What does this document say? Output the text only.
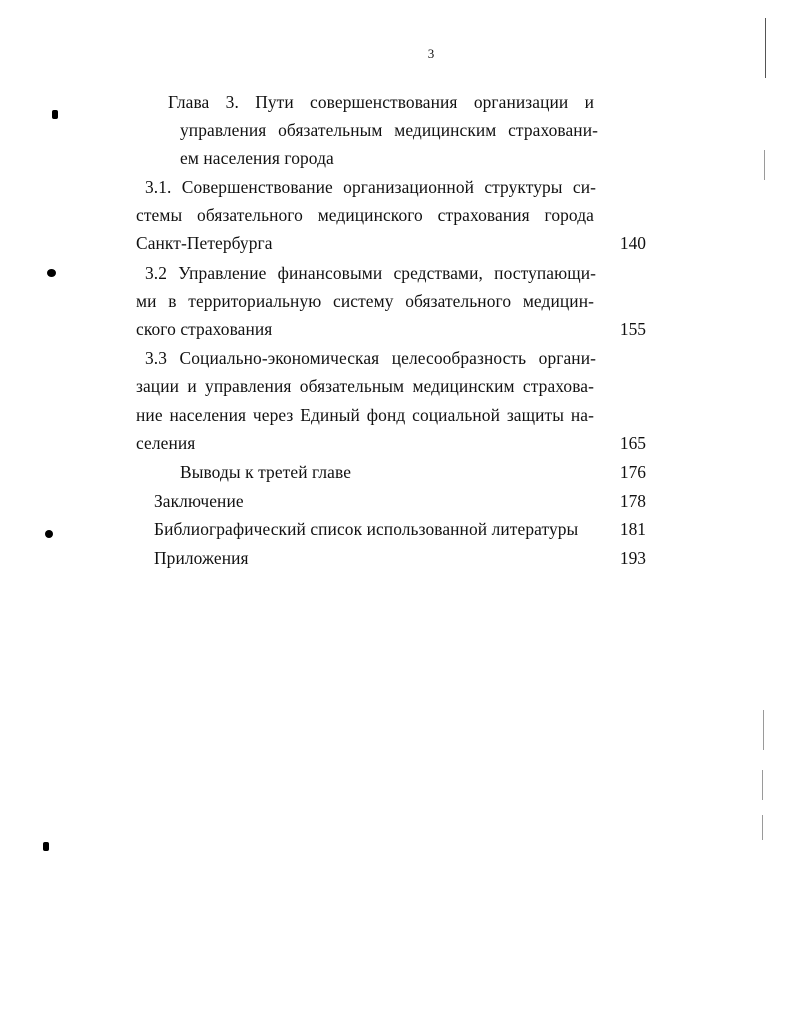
3
Глава 3. Пути совершенствования организации и
управления обязательным медицинским страховани-
ем населения города
3.1. Совершенствование организационной структуры си-
стемы обязательного медицинского страхования города
Санкт-Петербурга	140
3.2 Управление финансовыми средствами, поступающи-
ми в территориальную систему обязательного медицин-
ского страхования	155
3.3 Социально-экономическая целесообразность органи-
зации и управления обязательным медицинским страхова-
ние населения через Единый фонд социальной защиты на-
селения	165
Выводы к третей главе	176
Заключение	178
Библиографический список использованной литературы	181
Приложения	193
